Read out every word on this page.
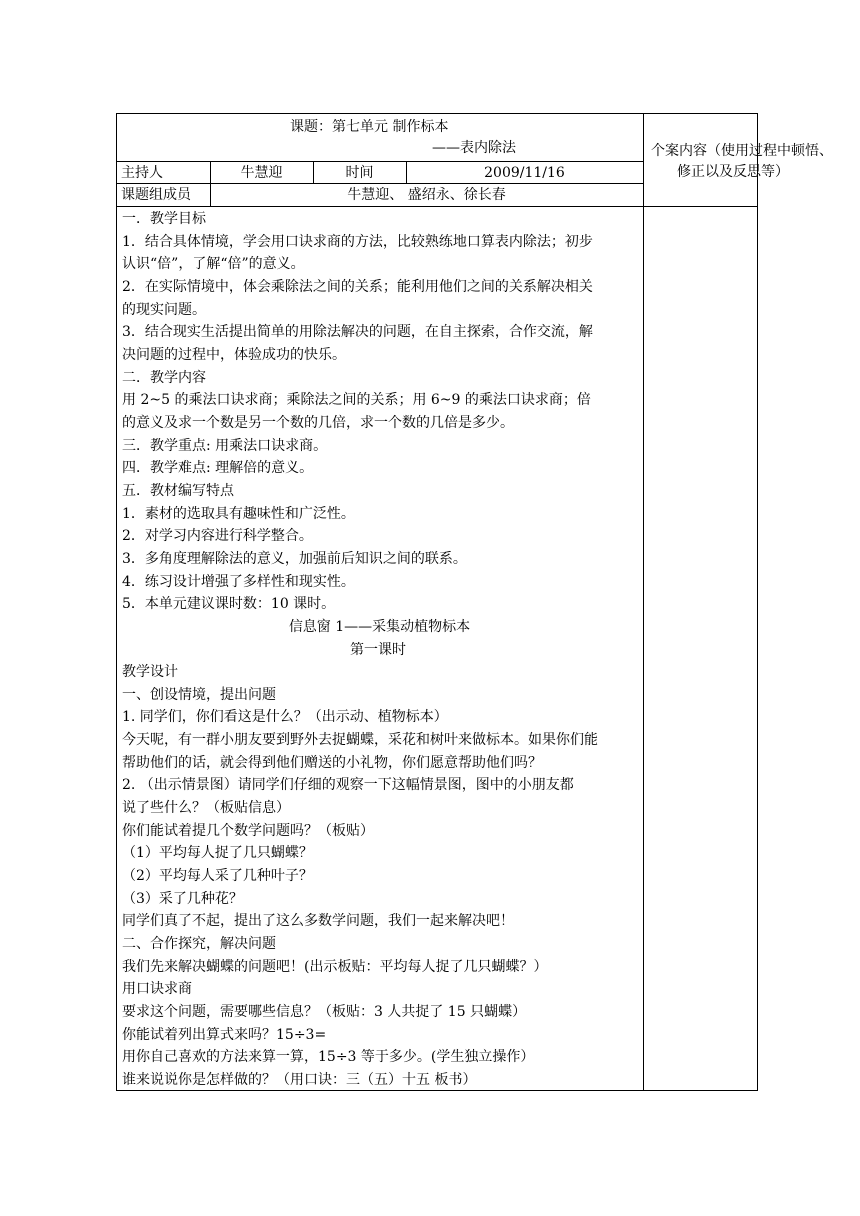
课题：第七单元 制作标本
——表内除法	个案内容（使用过程中顿悟、
修正以及反思等）
主持人	牛慧迎	时间	2009/11/16
课题组成员	牛慧迎、 盛绍永、徐长春
一．教学目标
1．结合具体情境，学会用口诀求商的方法，比较熟练地口算表内除法；初步
认识“倍”，了解“倍”的意义。
2．在实际情境中，体会乘除法之间的关系；能利用他们之间的关系解决相关
的现实问题。
3．结合现实生活提出简单的用除法解决的问题，在自主探索，合作交流，解
决问题的过程中，体验成功的快乐。
二．教学内容
用 2~5 的乘法口诀求商；乘除法之间的关系；用 6~9 的乘法口诀求商；倍
的意义及求一个数是另一个数的几倍，求一个数的几倍是多少。
三．教学重点: 用乘法口诀求商。
四．教学难点: 理解倍的意义。
五．教材编写特点
1．素材的选取具有趣味性和广泛性。
2．对学习内容进行科学整合。
3．多角度理解除法的意义，加强前后知识之间的联系。
4．练习设计增强了多样性和现实性。
5．本单元建议课时数：10 课时。
信息窗 1——采集动植物标本
第一课时
教学设计
一、创设情境，提出问题
1. 同学们，你们看这是什么？（出示动、植物标本）
今天呢，有一群小朋友要到野外去捉蝴蝶，采花和树叶来做标本。如果你们能
帮助他们的话，就会得到他们赠送的小礼物，你们愿意帮助他们吗？
2. （出示情景图）请同学们仔细的观察一下这幅情景图，图中的小朋友都
说了些什么？（板贴信息）
你们能试着提几个数学问题吗？（板贴）
（1）平均每人捉了几只蝴蝶？
（2）平均每人采了几种叶子？
（3）采了几种花？
同学们真了不起，提出了这么多数学问题，我们一起来解决吧！
二、合作探究，解决问题
我们先来解决蝴蝶的问题吧！(出示板贴：平均每人捉了几只蝴蝶？）
用口诀求商
要求这个问题，需要哪些信息？（板贴：3 人共捉了 15 只蝴蝶）
你能试着列出算式来吗？15÷3=
用你自己喜欢的方法来算一算，15÷3 等于多少。(学生独立操作）
谁来说说你是怎样做的？（用口诀：三（五）十五 板书）
